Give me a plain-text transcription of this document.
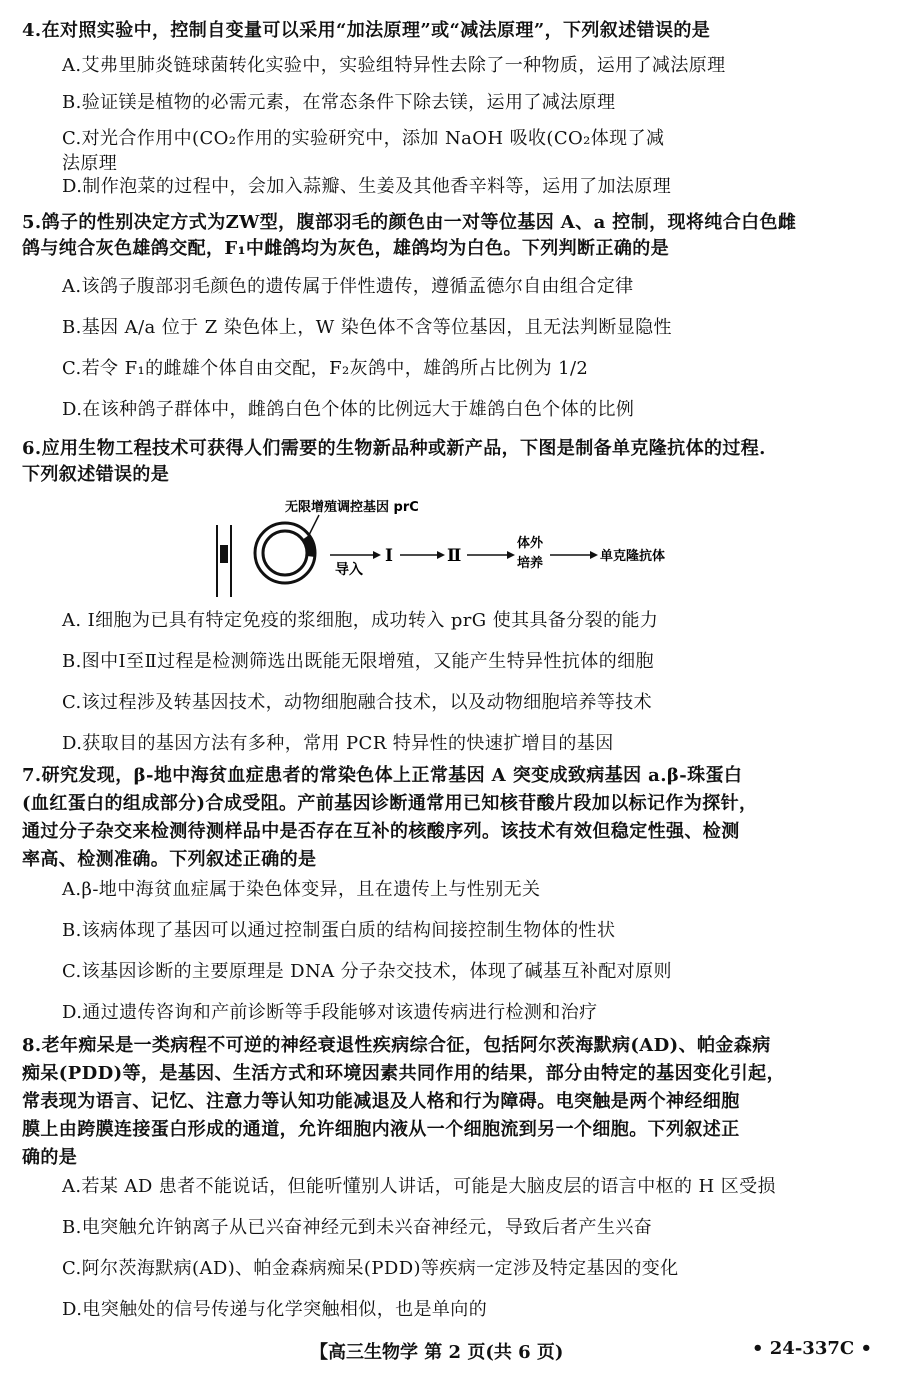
4.在对照实验中，控制自变量可以采用“加法原理”或“减法原理”，下列叙述错误的是
A.艾弗里肺炎链球菌转化实验中，实验组特异性去除了一种物质，运用了减法原理
B.验证镁是植物的必需元素，在常态条件下除去镁，运用了减法原理
C.对光合作用中(CO₂作用的实验研究中，添加 NaOH 吸收(CO₂体现了减
法原理
D.制作泡菜的过程中，会加入蒜瓣、生姜及其他香辛料等，运用了加法原理
5.鸽子的性别决定方式为ZW型，腹部羽毛的颜色由一对等位基因 A、a 控制，现将纯合白色雌
鸽与纯合灰色雄鸽交配，F₁中雌鸽均为灰色，雄鸽均为白色。下列判断正确的是
A.该鸽子腹部羽毛颜色的遗传属于伴性遗传，遵循孟德尔自由组合定律
B.基因 A/a 位于 Z 染色体上，W 染色体不含等位基因，且无法判断显隐性
C.若令 F₁的雌雄个体自由交配，F₂灰鸽中，雄鸽所占比例为 1/2
D.在该种鸽子群体中，雌鸽白色个体的比例远大于雄鸽白色个体的比例
6.应用生物工程技术可获得人们需要的生物新品种或新产品，下图是制备单克隆抗体的过程.
下列叙述错误的是
无限增殖调控基因 prC
导入
Ⅰ	Ⅱ
体外
培养	单克隆抗体
A. Ⅰ细胞为已具有特定免疫的浆细胞，成功转入 prG 使其具备分裂的能力
B.图中Ⅰ至Ⅱ过程是检测筛选出既能无限增殖，又能产生特异性抗体的细胞
C.该过程涉及转基因技术，动物细胞融合技术，以及动物细胞培养等技术
D.获取目的基因方法有多种，常用 PCR 特异性的快速扩增目的基因
7.研究发现，β-地中海贫血症患者的常染色体上正常基因 A 突变成致病基因 a.β-珠蛋白
(血红蛋白的组成部分)合成受阻。产前基因诊断通常用已知核苷酸片段加以标记作为探针，
通过分子杂交来检测待测样品中是否存在互补的核酸序列。该技术有效但稳定性强、检测
率高、检测准确。下列叙述正确的是
A.β-地中海贫血症属于染色体变异，且在遗传上与性别无关
B.该病体现了基因可以通过控制蛋白质的结构间接控制生物体的性状
C.该基因诊断的主要原理是 DNA 分子杂交技术，体现了碱基互补配对原则
D.通过遗传咨询和产前诊断等手段能够对该遗传病进行检测和治疗
8.老年痴呆是一类病程不可逆的神经衰退性疾病综合征，包括阿尔茨海默病(AD)、帕金森病
痴呆(PDD)等，是基因、生活方式和环境因素共同作用的结果，部分由特定的基因变化引起，
常表现为语言、记忆、注意力等认知功能减退及人格和行为障碍。电突触是两个神经细胞
膜上由跨膜连接蛋白形成的通道，允许细胞内液从一个细胞流到另一个细胞。下列叙述正
确的是
A.若某 AD 患者不能说话，但能听懂别人讲话，可能是大脑皮层的语言中枢的 H 区受损
B.电突触允许钠离子从已兴奋神经元到未兴奋神经元，导致后者产生兴奋
C.阿尔茨海默病(AD)、帕金森病痴呆(PDD)等疾病一定涉及特定基因的变化
D.电突触处的信号传递与化学突触相似，也是单向的
【高三生物学 第 2 页(共 6 页)	• 24-337C •
